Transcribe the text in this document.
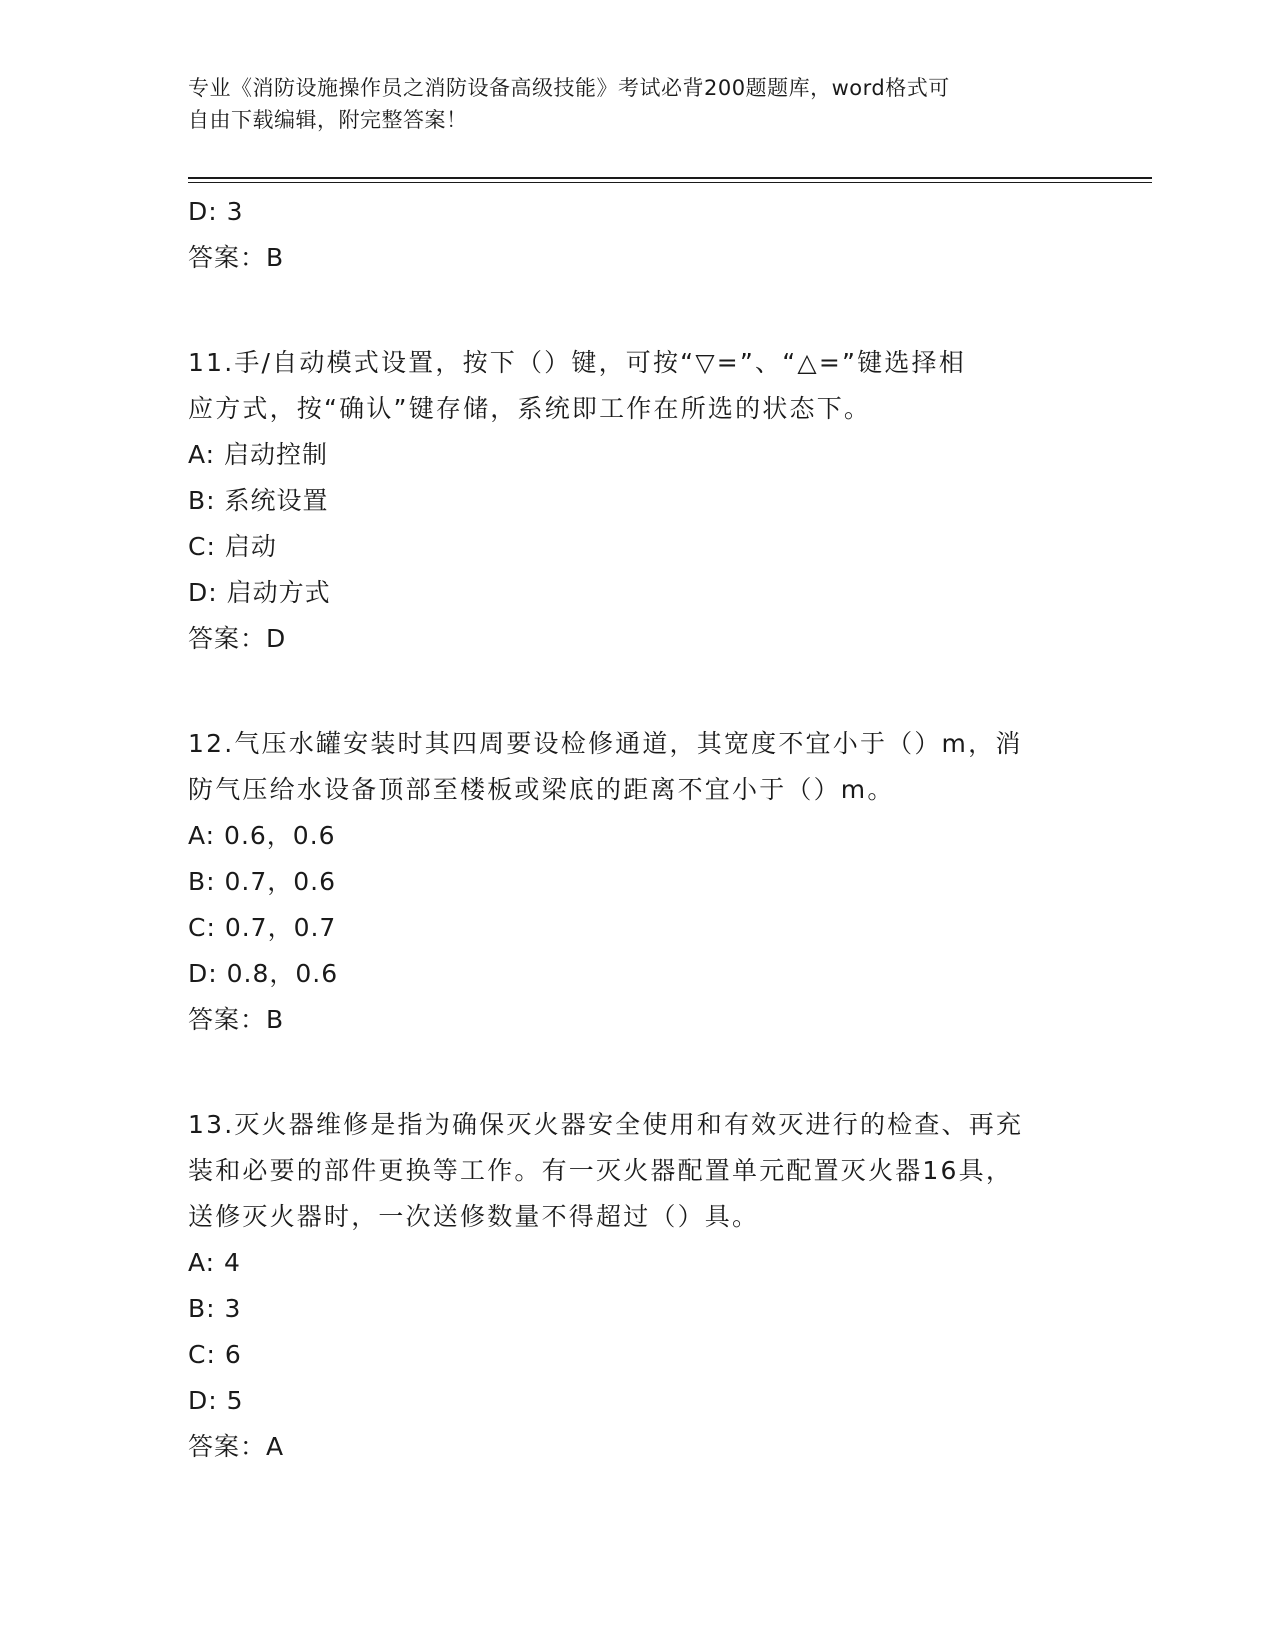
专业《消防设施操作员之消防设备高级技能》考试必背200题题库，word格式可
自由下载编辑，附完整答案！
D: 3
答案：B
11.手/自动模式设置，按下（）键，可按“▽=”、“△=”键选择相
应方式，按“确认”键存储，系统即工作在所选的状态下。
A: 启动控制
B: 系统设置
C: 启动
D: 启动方式
答案：D
12.气压水罐安装时其四周要设检修通道，其宽度不宜小于（）m，消
防气压给水设备顶部至楼板或梁底的距离不宜小于（）m。
A: 0.6，0.6
B: 0.7，0.6
C: 0.7，0.7
D: 0.8，0.6
答案：B
13.灭火器维修是指为确保灭火器安全使用和有效灭进行的检查、再充
装和必要的部件更换等工作。有一灭火器配置单元配置灭火器16具，
送修灭火器时，一次送修数量不得超过（）具。
A: 4
B: 3
C: 6
D: 5
答案：A
